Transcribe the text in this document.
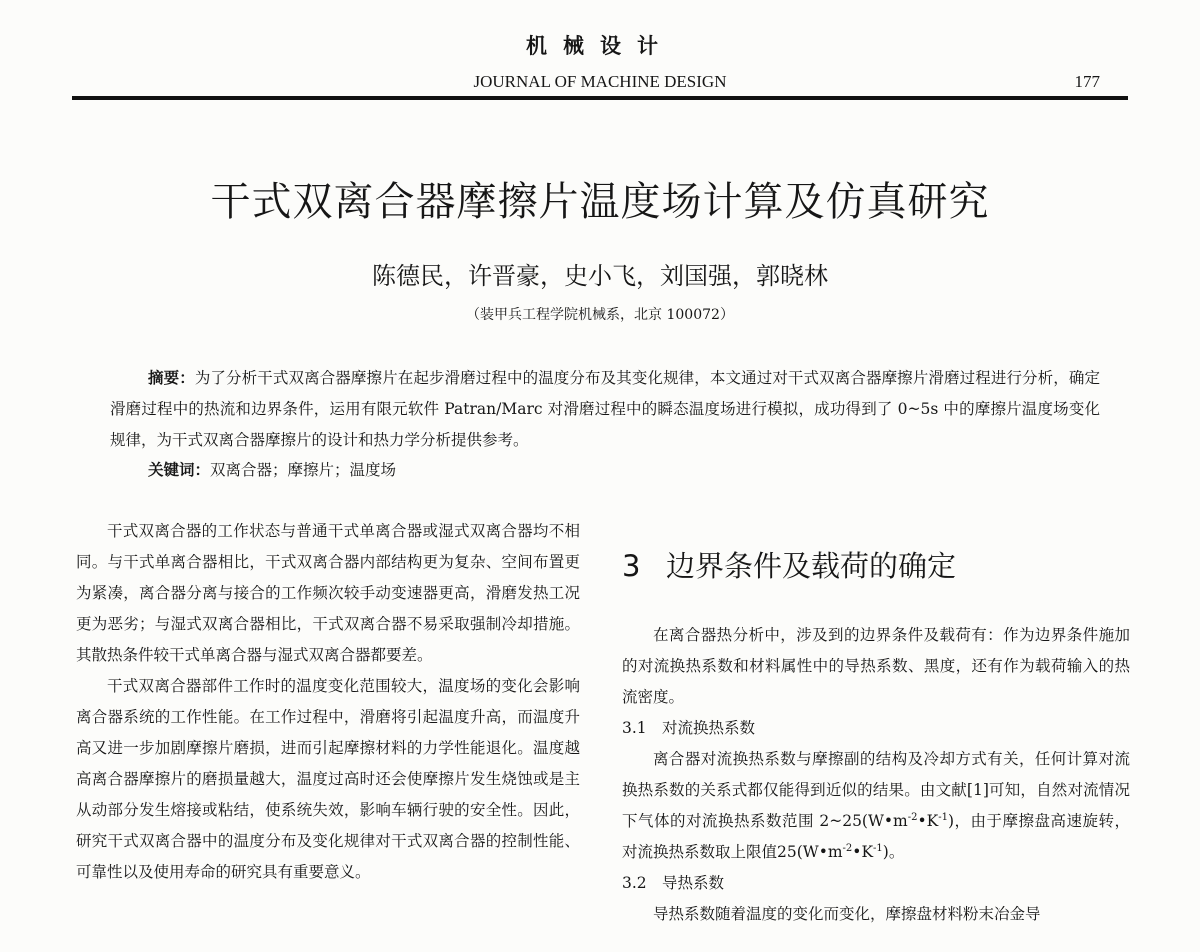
机械设计
JOURNAL OF MACHINE DESIGN	177
干式双离合器摩擦片温度场计算及仿真研究
陈德民，许晋豪，史小飞，刘国强，郭晓林
（装甲兵工程学院机械系，北京 100072）

摘要：为了分析干式双离合器摩擦片在起步滑磨过程中的温度分布及其变化规律，本文通过对干式双离合器摩擦片滑磨过程进行分析，确定滑磨过程中的热流和边界条件，运用有限元软件 Patran/Marc 对滑磨过程中的瞬态温度场进行模拟，成功得到了 0~5s 中的摩擦片温度场变化规律，为干式双离合器摩擦片的设计和热力学分析提供参考。

关键词：双离合器；摩擦片；温度场

干式双离合器的工作状态与普通干式单离合器或湿式双离合器均不相同。与干式单离合器相比，干式双离合器内部结构更为复杂、空间布置更为紧凑，离合器分离与接合的工作频次较手动变速器更高，滑磨发热工况更为恶劣；与湿式双离合器相比，干式双离合器不易采取强制冷却措施。其散热条件较干式单离合器与湿式双离合器都要差。

干式双离合器部件工作时的温度变化范围较大，温度场的变化会影响离合器系统的工作性能。在工作过程中，滑磨将引起温度升高，而温度升高又进一步加剧摩擦片磨损，进而引起摩擦材料的力学性能退化。温度越高离合器摩擦片的磨损量越大，温度过高时还会使摩擦片发生烧蚀或是主从动部分发生熔接或粘结，使系统失效，影响车辆行驶的安全性。因此，研究干式双离合器中的温度分布及变化规律对干式双离合器的控制性能、可靠性以及使用寿命的研究具有重要意义。

3 边界条件及载荷的确定

在离合器热分析中，涉及到的边界条件及载荷有：作为边界条件施加的对流换热系数和材料属性中的导热系数、黑度，还有作为载荷输入的热流密度。

3.1 对流换热系数

离合器对流换热系数与摩擦副的结构及冷却方式有关，任何计算对流换热系数的关系式都仅能得到近似的结果。由文献[1]可知，自然对流情况下气体的对流换热系数范围 $2\sim 25(W•m^{-2}•K^{-1})$，由于摩擦盘高速旋转，对流换热系数取上限值$25(W•m^{-2}•K^{-1})$。

3.2 导热系数

导热系数随着温度的变化而变化，摩擦盘材料粉末冶金导
